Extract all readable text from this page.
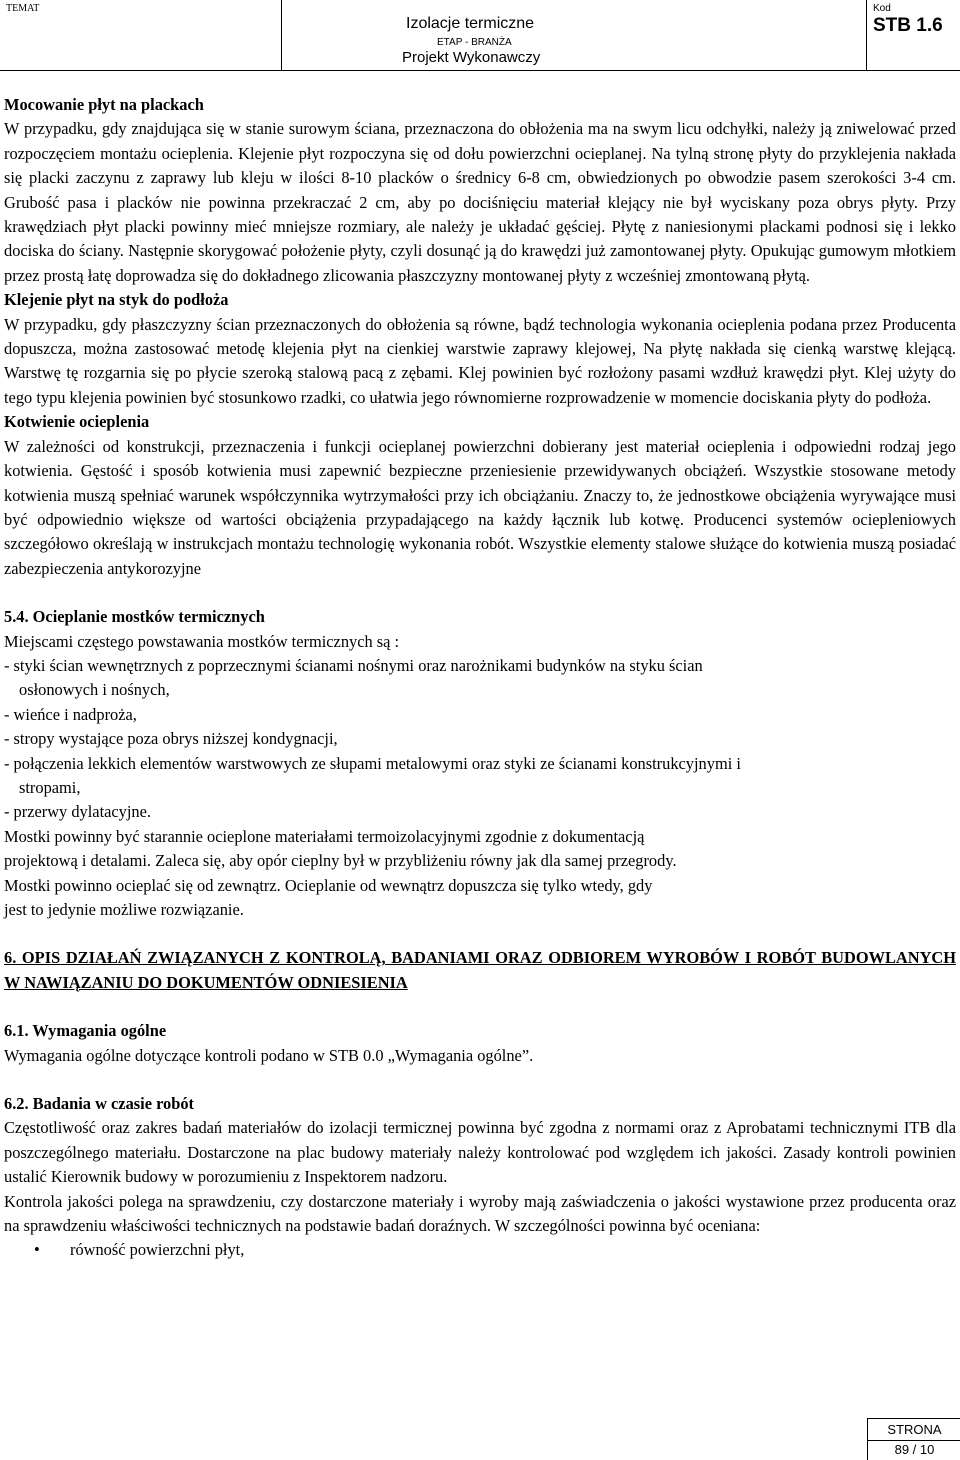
TEMAT
Izolacje termiczne
ETAP - BRANŻA
Projekt Wykonawczy
Kod
STB 1.6

Mocowanie płyt na plackach

W przypadku, gdy znajdująca się w stanie surowym ściana, przeznaczona do obłożenia ma na swym licu odchyłki, należy ją zniwelować przed rozpoczęciem montażu ocieplenia. Klejenie płyt rozpoczyna się od dołu powierzchni ocieplanej. Na tylną stronę płyty do przyklejenia nakłada się placki zaczynu z zaprawy lub kleju w ilości 8-10 placków o średnicy 6-8 cm, obwiedzionych po obwodzie pasem szerokości 3-4 cm. Grubość pasa i placków nie powinna przekraczać 2 cm, aby po dociśnięciu materiał klejący nie był wyciskany poza obrys płyty. Przy krawędziach płyt placki powinny mieć mniejsze rozmiary, ale należy je układać gęściej. Płytę z naniesionymi plackami podnosi się i lekko dociska do ściany. Następnie skorygować położenie płyty, czyli dosunąć ją do krawędzi już zamontowanej płyty. Opukując gumowym młotkiem przez prostą łatę doprowadza się do dokładnego zlicowania płaszczyzny montowanej płyty z wcześniej zmontowaną płytą.

Klejenie płyt na styk do podłoża

W przypadku, gdy płaszczyzny ścian przeznaczonych do obłożenia są równe, bądź technologia wykonania ocieplenia podana przez Producenta dopuszcza, można zastosować metodę klejenia płyt na cienkiej warstwie zaprawy klejowej, Na płytę nakłada się cienką warstwę klejącą. Warstwę tę rozgarnia się po płycie szeroką stalową pacą z zębami. Klej powinien być rozłożony pasami wzdłuż krawędzi płyt. Klej użyty do tego typu klejenia powinien być stosunkowo rzadki, co ułatwia jego równomierne rozprowadzenie w momencie dociskania płyty do podłoża.

Kotwienie ocieplenia

W zależności od konstrukcji, przeznaczenia i funkcji ocieplanej powierzchni dobierany jest materiał ocieplenia i odpowiedni rodzaj jego kotwienia. Gęstość i sposób kotwienia musi zapewnić bezpieczne przeniesienie przewidywanych obciążeń. Wszystkie stosowane metody kotwienia muszą spełniać warunek współczynnika wytrzymałości przy ich obciążaniu. Znaczy to, że jednostkowe obciążenia wyrywające musi być odpowiednio większe od wartości obciążenia przypadającego na każdy łącznik lub kotwę. Producenci systemów ociepleniowych szczegółowo określają w instrukcjach montażu technologię wykonania robót. Wszystkie elementy stalowe służące do kotwienia muszą posiadać zabezpieczenia antykorozyjne

5.4. Ocieplanie mostków termicznych

Miejscami częstego powstawania mostków termicznych są :

- styki ścian wewnętrznych z poprzecznymi ścianami nośnymi oraz narożnikami budynków na styku ścian

osłonowych i nośnych,

- wieńce i nadproża,

- stropy wystające poza obrys niższej kondygnacji,

- połączenia lekkich elementów warstwowych ze słupami metalowymi oraz styki ze ścianami konstrukcyjnymi i

stropami,

- przerwy dylatacyjne.

Mostki powinny być starannie ocieplone materiałami termoizolacyjnymi zgodnie z dokumentacją

projektową i detalami. Zaleca się, aby opór cieplny był w przybliżeniu równy jak dla samej przegrody.

Mostki powinno ocieplać się od zewnątrz. Ocieplanie od wewnątrz dopuszcza się tylko wtedy, gdy

jest to jedynie możliwe rozwiązanie.

6. OPIS DZIAŁAŃ ZWIĄZANYCH Z KONTROLĄ, BADANIAMI ORAZ ODBIOREM WYROBÓW I ROBÓT BUDOWLANYCH W NAWIĄZANIU DO DOKUMENTÓW ODNIESIENIA

6.1. Wymagania ogólne

Wymagania ogólne dotyczące kontroli podano w STB 0.0 „Wymagania ogólne”.

6.2. Badania w czasie robót

Częstotliwość oraz zakres badań materiałów do izolacji termicznej powinna być zgodna z normami oraz z Aprobatami technicznymi ITB dla poszczególnego materiału. Dostarczone na plac budowy materiały należy kontrolować pod względem ich jakości. Zasady kontroli powinien ustalić Kierownik budowy w porozumieniu z Inspektorem nadzoru.

Kontrola jakości polega na sprawdzeniu, czy dostarczone materiały i wyroby mają zaświadczenia o jakości wystawione przez producenta oraz na sprawdzeniu właściwości technicznych na podstawie badań doraźnych. W szczególności powinna być oceniana:

•	równość powierzchni płyt,
STRONA
89 / 10
